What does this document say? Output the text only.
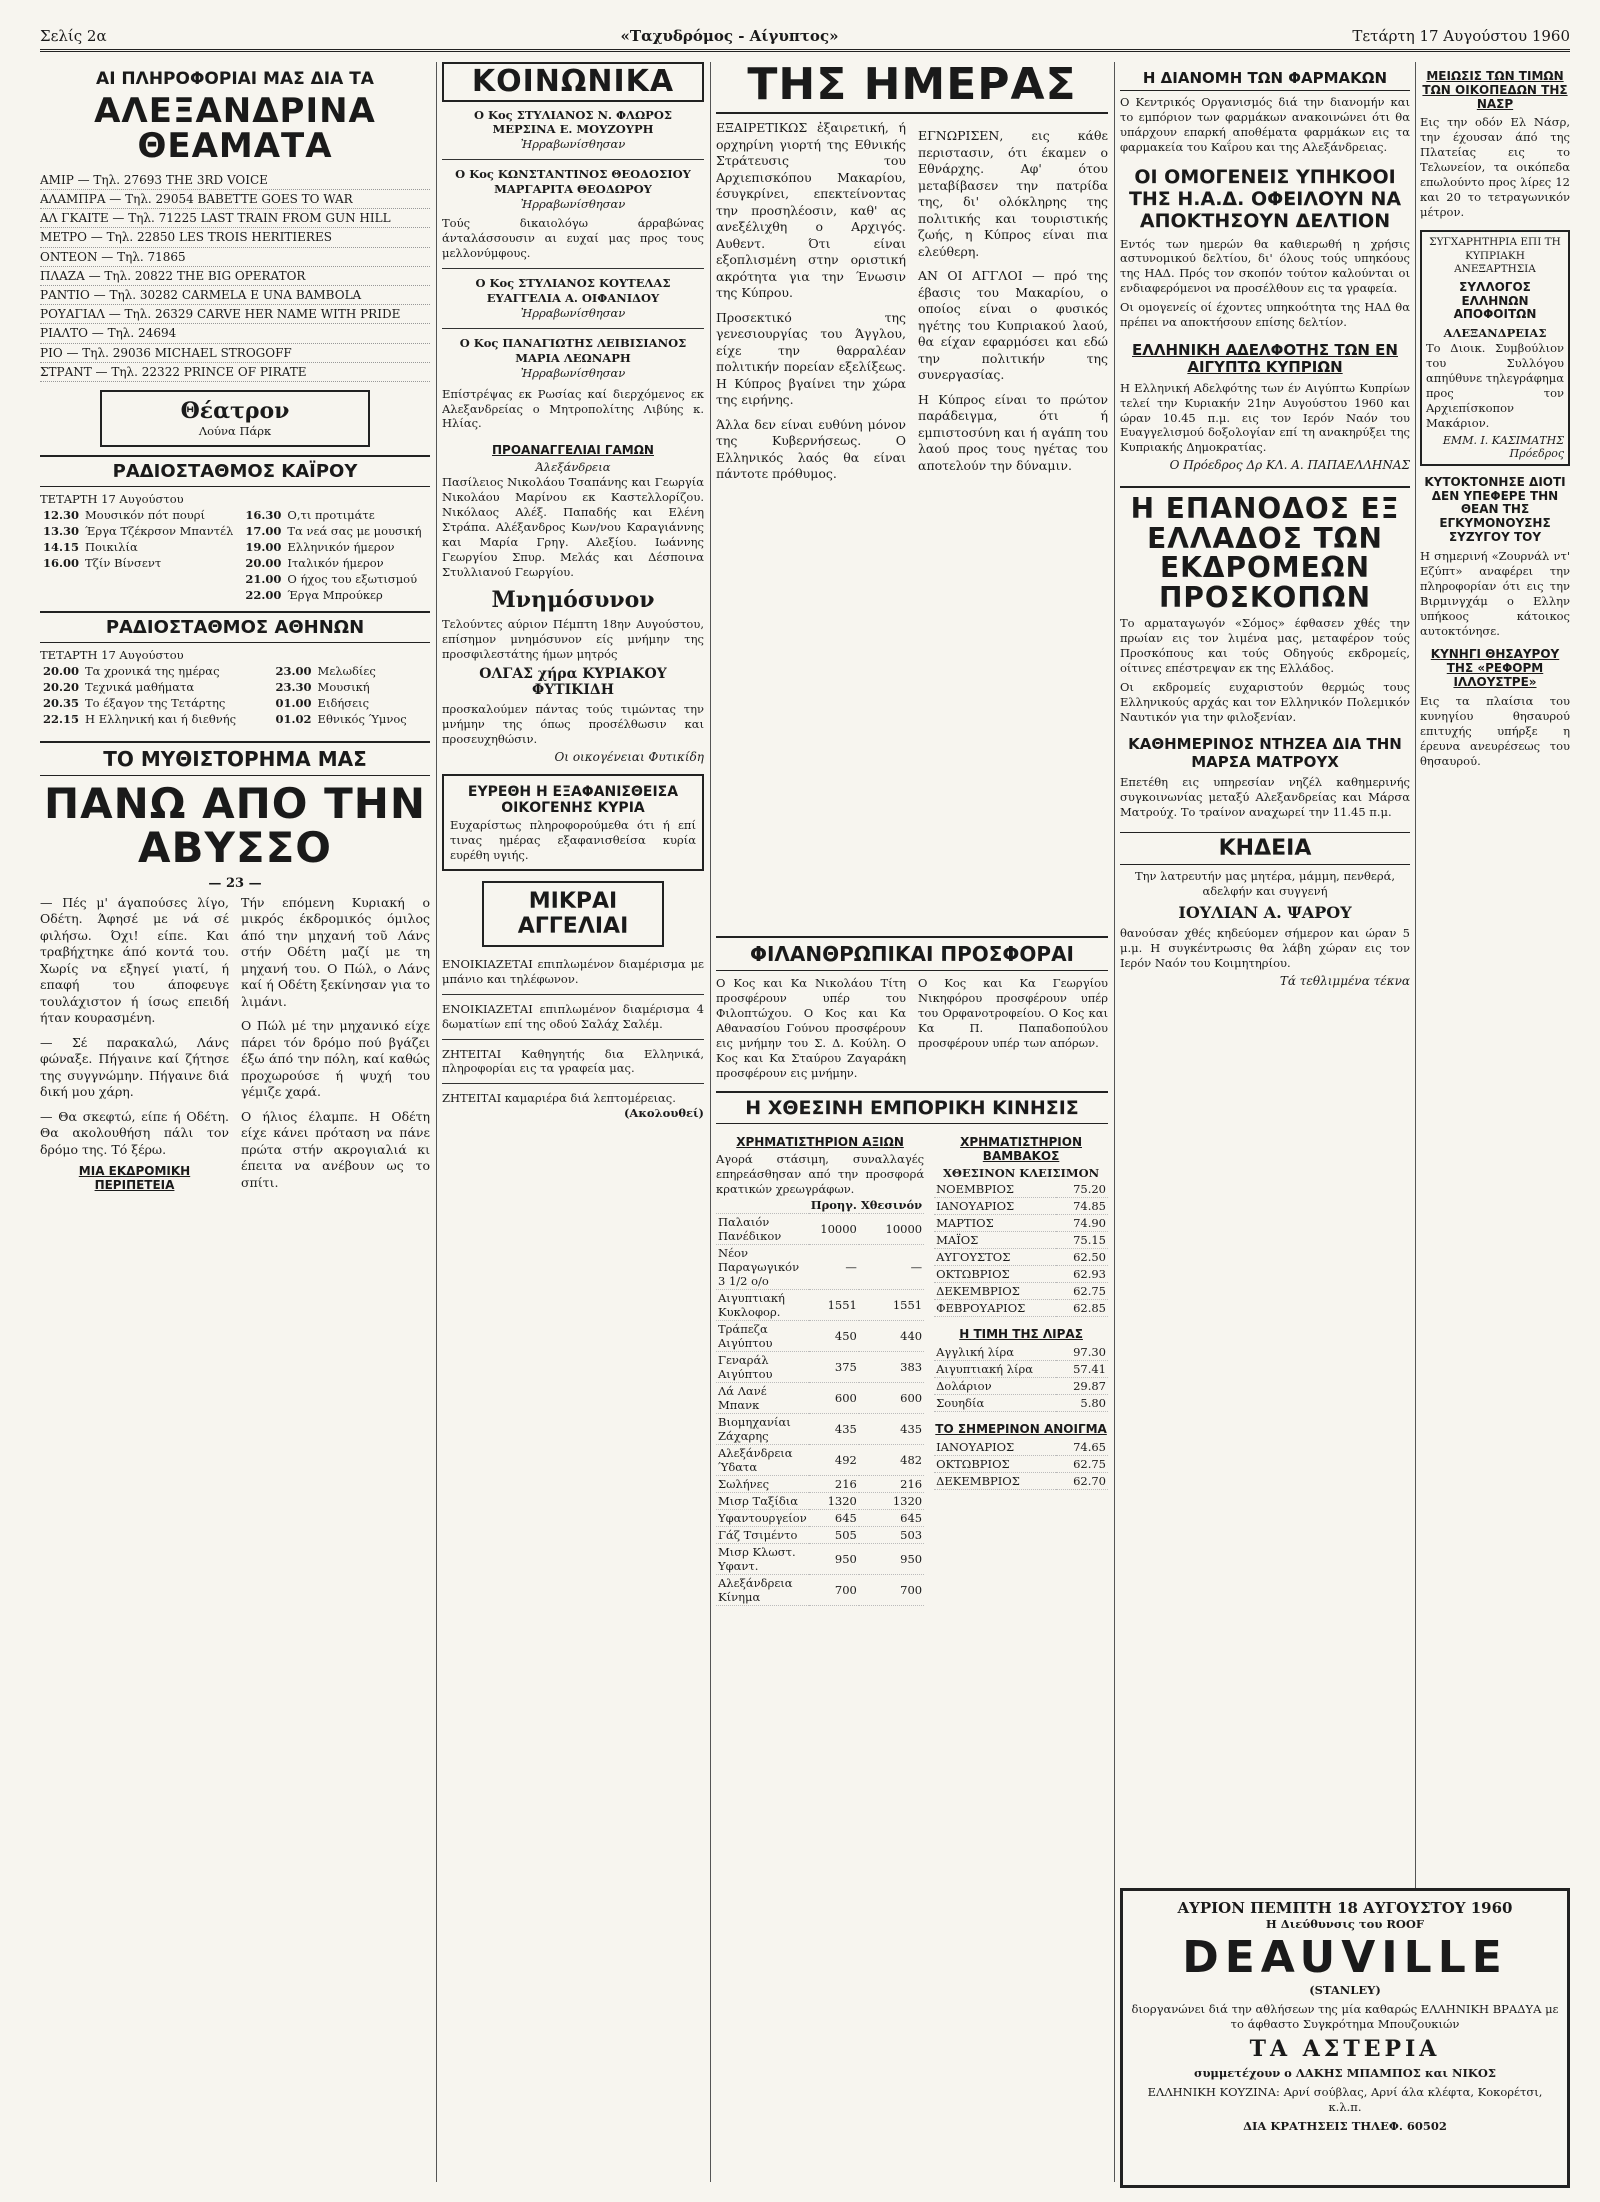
Σελίς 2α	«Ταχυδρόμος - Αίγυπτος»	Τετάρτη 17 Αυγούστου 1960
ΑΙ ΠΛΗΡΟΦΟΡΙΑΙ ΜΑΣ ΔΙΑ ΤΑ
ΑΛΕΞΑΝΔΡΙΝΑ ΘΕΑΜΑΤΑ
ΑΜΙΡ — Τηλ. 27693 THE 3RD VOICE
ΑΛΑΜΠΡΑ — Τηλ. 29054 BABETTE GOES TO WAR
ΑΛ ΓΚΑΙΤΕ — Τηλ. 71225 LAST TRAIN FROM GUN HILL
ΜΕΤΡΟ — Τηλ. 22850 LES TROIS HERITIERES
ΟΝΤΕΟΝ — Τηλ. 71865
ΠΛΑΖΑ — Τηλ. 20822 THE BIG OPERATOR
ΡΑΝΤΙΟ — Τηλ. 30282 CARMELA E UNA BAMBOLA
ΡΟΥΑΓΙΑΛ — Τηλ. 26329 CARVE HER NAME WITH PRIDE
ΡΙΑΛΤΟ — Τηλ. 24694
ΡΙΟ — Τηλ. 29036 MICHAEL STROGOFF
ΣΤΡΑΝΤ — Τηλ. 22322 PRINCE OF PIRATE
Θέατρον
Λούνα Πάρκ
ΡΑΔΙΟΣΤΑΘΜΟΣ ΚΑΪΡΟΥ
ΤΕΤΑΡΤΗ 17 Αυγούστου
12.30	Μουσικόν πότ πουρί	16.30	Ο,τι προτιμάτε
13.30	Έργα Τζέκρσον Μπαντέλ	17.00	Τα νεά σας με μουσική
14.15	Ποικιλία	19.00	Ελληνικόν ήμερον
16.00	Τζίν Βίνσεντ	20.00	Ιταλικόν ήμερον
		21.00	Ο ήχος του εξωτισμού
		22.00	Έργα Μπρούκερ
ΡΑΔΙΟΣΤΑΘΜΟΣ ΑΘΗΝΩΝ
ΤΕΤΑΡΤΗ 17 Αυγούστου
20.00	Τα χρονικά της ημέρας	23.00	Μελωδίες
20.20	Τεχνικά μαθήματα	23.30	Μουσική
20.35	Το έξαγον της Τετάρτης	01.00	Ειδήσεις
22.15	Η Ελληνική και ή διεθνής	01.02	Εθνικός Ύμνος
ΤΟ ΜΥΘΙΣΤΟΡΗΜΑ ΜΑΣ
ΠΑΝΩ ΑΠΟ ΤΗΝ ΑΒΥΣΣΟ
— 23 —

— Πές μ' άγαπούσες λίγο, Οδέτη. Άφησέ με νά σέ φιλήσω. Όχι! είπε. Και τραβήχτηκε άπό κοντά του. Χωρίς να εξηγεί γιατί, ή επαφή του άποφευγε τουλάχιστον ή ίσως επειδή ήταν κουρασμένη.

— Σέ παρακαλώ, Λάνς φώναξε. Πήγαινε καί ζήτησε της συγγνώμην. Πήγαινε διά δική μου χάρη.

— Θα σκεφτώ, είπε ή Οδέτη. Θα ακολουθήση πάλι τον δρόμο της. Τό ξέρω.

ΜΙΑ ΕΚΔΡΟΜΙΚΗ ΠΕΡΙΠΕΤΕΙΑ

Τήν επόμενη Κυριακή ο μικρός έκδρομικός όμιλος άπό την μηχανή τοῦ Λάνς στήν Οδέτη μαζί με τη μηχανή του. Ο Πώλ, ο Λάνς καί ή Οδέτη ξεκίνησαν για το λιμάνι.

Ο Πώλ μέ την μηχανικό είχε πάρει τόν δρόμο πού βγάζει έξω άπό την πόλη, καί καθώς προχωρούσε ή ψυχή του γέμιζε χαρά.

Ο ήλιος έλαμπε. Η Οδέτη είχε κάνει πρόταση να πάνε πρώτα στήν ακρογιαλιά κι έπειτα να ανέβουν ως το σπίτι.

ΚΟΙΝΩΝΙΚΑ
Ο Κος ΣΤΥΛΙΑΝΟΣ Ν. ΦΛΩΡΟΣ
ΜΕΡΣΙΝΑ Ε. ΜΟΥΖΟΥΡΗ
Ἠρραβωνίσθησαν
Ο Κος ΚΩΝΣΤΑΝΤΙΝΟΣ ΘΕΟΔΟΣΙΟΥ
ΜΑΡΓΑΡΙΤΑ ΘΕΟΔΩΡΟΥ
Ἠρραβωνίσθησαν

Τούς δικαιολόγω άρραβώνας άνταλάσσουσιν αι ευχαί μας προς τους μελλονύμφους.

Ο Κος ΣΤΥΛΙΑΝΟΣ ΚΟΥΤΕΛΑΣ
ΕΥΑΓΓΕΛΙΑ Α. ΟΙΦΑΝΙΔΟΥ
Ἠρραβωνίσθησαν
Ο Κος ΠΑΝΑΓΙΩΤΗΣ ΛΕΙΒΙΣΙΑΝΟΣ
ΜΑΡΙΑ ΛΕΩΝΑΡΗ
Ἠρραβωνίσθησαν

Επίστρέψας εκ Ρωσίας καί διερχόμενος εκ Αλεξανδρείας ο Μητροπολίτης Λιβύης κ. Ηλίας.

ΠΡΟΑΝΑΓΓΕΛΙΑΙ ΓΑΜΩΝ
Άλεξάνδρεια

Πασίλειος Νικολάου Τσαπάνης και Γεωργία Νικολάου Μαρίνου εκ Καστελλορίζου. Νικόλαος Αλέξ. Παπαδής και Ελένη Στράπα. Αλέξανδρος Κων/νου Καραγιάννης και Μαρία Γρηγ. Αλεξίου. Ιωάννης Γεωργίου Σπυρ. Μελάς και Δέσποινα Στυλλιανού Γεωργίου.

Μνημόσυνον

Τελούντες αύριον Πέμπτη 18ην Αυγούστου, επίσημον μνημόσυνον είς μνήμην της προσφιλεστάτης ήμων μητρός

ΟΛΓΑΣ χήρα ΚΥΡΙΑΚΟΥ ΦΥΤΙΚΙΔΗ

προσκαλούμεν πάντας τούς τιμώντας την μνήμην της όπως προσέλθωσιν και προσευχηθώσιν.

Οι οικογένειαι Φυτικίδη
ΕΥΡΕΘΗ Η ΕΞΑΦΑΝΙΣΘΕΙΣΑ ΟΙΚΟΓΕΝΗΣ ΚΥΡΙΑ

Ευχαρίστως πληροφορούμεθα ότι ή επί τινας ημέρας εξαφανισθείσα κυρία ευρέθη υγιής.

ΜΙΚΡΑΙ ΑΓΓΕΛΙΑΙ

ΕΝΟΙΚΙΑΖΕΤΑΙ επιπλωμένον διαμέρισμα με μπάνιο και τηλέφωνον.

ΕΝΟΙΚΙΑΖΕΤΑΙ επιπλωμένον διαμέρισμα 4 δωματίων επί της οδού Σαλάχ Σαλέμ.

ΖΗΤΕΙΤΑΙ Καθηγητής δια Ελληνικά, πληροφορίαι εις τα γραφεία μας.

ΖΗΤΕΙΤΑΙ καμαριέρα διά λεπτομέρειας.

(Ακολουθεί)
ΤΗΣ ΗΜΕΡΑΣ

ΕΞΑΙΡΕΤΙΚΩΣ ἐξαιρετική, ή ορχηρίνη γιορτή της Εθνικής Στράτευσις του Αρχιεπισκόπου Μακαρίου, έσυγκρίνει, επεκτείνοντας την προσηλέοσιν, καθ' ας ανεξέλιχθη ο Αρχιγός. Αυθεντ. Ότι είναι εξοπλισμένη στην οριστική ακρότητα για την Ένωσιν της Κύπρου.

Προσεκτικό της γενεσιουργίας του Άγγλου, είχε την θαρραλέαν πολιτικήν πορείαν εξελίξεως. Η Κύπρος βγαίνει την χώρα της ειρήνης.

Άλλα δεν είναι ευθύνη μόνον της Κυβερνήσεως. Ο Ελληνικός λαός θα είναι πάντοτε πρόθυμος.

ΕΓΝΩΡΙΣΕΝ, εις κάθε περιστασιν, ότι έκαμεν ο Εθνάρχης. Αφ' ότου μεταβίβασεν την πατρίδα της, δι' ολόκληρης της πολιτικής και τουριστικής ζωής, η Κύπρος είναι πια ελεύθερη.

ΑΝ ΟΙ ΑΓΓΛΟΙ — πρό της έβασις του Μακαρίου, ο οποίος είναι ο φυσικός ηγέτης του Κυπριακού λαού, θα είχαν εφαρμόσει και εδώ την πολιτικήν της συνεργασίας.

Η Κύπρος είναι το πρώτον παράδειγμα, ότι ή εμπιστοσύνη και ή αγάπη του λαού προς τους ηγέτας του αποτελούν την δύναμιν.

ΦΙΛΑΝΘΡΩΠΙΚΑΙ ΠΡΟΣΦΟΡΑΙ

Ο Κος και Κα Νικολάου Τίτη προσφέρουν υπέρ του Φιλοπτώχου. Ο Κος και Κα Αθανασίου Γούνου προσφέρουν εις μνήμην του Σ. Δ. Κούλη. Ο Κος και Κα Σταύρου Ζαγαράκη προσφέρουν εις μνήμην.

Ο Κος και Κα Γεωργίου Νικηφόρου προσφέρουν υπέρ του Ορφανοτροφείου. Ο Κος και Κα Π. Παπαδοπούλου προσφέρουν υπέρ των απόρων.

Η ΧΘΕΣΙΝΗ ΕΜΠΟΡΙΚΗ ΚΙΝΗΣΙΣ
ΧΡΗΜΑΤΙΣΤΗΡΙΟΝ ΑΞΙΩΝ

Αγορά στάσιμη, συναλλαγές επηρεάσθησαν από την προσφορά κρατικών χρεωγράφων.

	Προηγ.	Χθεσινόν
Παλαιόν Πανέδικον	10000	10000
Νέον Παραγωγικόν 3 1/2 ο/ο	—	—
Αιγυπτιακή Κυκλοφορ.	1551	1551
Τράπεζα Αιγύπτου	450	440
Γεναράλ Αιγύπτου	375	383
Λά Λανέ Μπανκ	600	600
Βιομηχανίαι Ζάχαρης	435	435
Αλεξάνδρεια Ύδατα	492	482
Σωλήνες	216	216
Μισρ Ταξίδια	1320	1320
Υφαντουργείον	645	645
Γάζ Τσιμέντο	505	503
Μισρ Κλωστ. Υφαντ.	950	950
Αλεξάνδρεια Κίνημα	700	700
ΧΡΗΜΑΤΙΣΤΗΡΙΟΝ ΒΑΜΒΑΚΟΣ
ΧΘΕΣΙΝΟΝ ΚΛΕΙΣΙΜΟΝ
ΝΟΕΜΒΡΙΟΣ	75.20
ΙΑΝΟΥΑΡΙΟΣ	74.85
ΜΑΡΤΙΟΣ	74.90
ΜΑΪΟΣ	75.15
ΑΥΓΟΥΣΤΟΣ	62.50
ΟΚΤΩΒΡΙΟΣ	62.93
ΔΕΚΕΜΒΡΙΟΣ	62.75
ΦΕΒΡΟΥΑΡΙΟΣ	62.85
Η ΤΙΜΗ ΤΗΣ ΛΙΡΑΣ
Αγγλική λίρα	97.30
Αιγυπτιακή λίρα	57.41
Δολάριον	29.87
Σουηδία	5.80
ΤΟ ΣΗΜΕΡΙΝΟΝ ΑΝΟΙΓΜΑ
ΙΑΝΟΥΑΡΙΟΣ	74.65
ΟΚΤΩΒΡΙΟΣ	62.75
ΔΕΚΕΜΒΡΙΟΣ	62.70
Η ΔΙΑΝΟΜΗ ΤΩΝ ΦΑΡΜΑΚΩΝ

Ο Κεντρικός Οργανισμός διά την διανομήν και το εμπόριον των φαρμάκων ανακοινώνει ότι θα υπάρχουν επαρκή αποθέματα φαρμάκων εις τα φαρμακεία του Καΐρου και της Αλεξάνδρειας.

ΟΙ ΟΜΟΓΕΝΕΙΣ ΥΠΗΚΟΟΙ ΤΗΣ Η.Α.Δ. ΟΦΕΙΛΟΥΝ ΝΑ ΑΠΟΚΤΗΣΟΥΝ ΔΕΛΤΙΟΝ

Εντός των ημερών θα καθιερωθή η χρήσις αστυνομικού δελτίου, δι' όλους τούς υπηκόους της ΗΑΔ. Πρός τον σκοπόν τούτον καλούνται οι ενδιαφερόμενοι να προσέλθουν εις τα γραφεία.

Οι ομογενείς οί έχοντες υπηκοότητα της ΗΑΔ θα πρέπει να αποκτήσουν επίσης δελτίον.

ΕΛΛΗΝΙΚΗ ΑΔΕΛΦΟΤΗΣ ΤΩΝ ΕΝ ΑΙΓΥΠΤΩ ΚΥΠΡΙΩΝ

Η Ελληνική Αδελφότης των έν Αιγύπτω Κυπρίων τελεί την Κυριακήν 21ην Αυγούστου 1960 και ώραν 10.45 π.μ. εις τον Ιερόν Ναόν του Ευαγγελισμού δοξολογίαν επί τη ανακηρύξει της Κυπριακής Δημοκρατίας.

Ο Πρόεδρος Δρ ΚΛ. Α. ΠΑΠΑΕΛΛΗΝΑΣ
Η ΕΠΑΝΟΔΟΣ ΕΞ ΕΛΛΑΔΟΣ ΤΩΝ ΕΚΔΡΟΜΕΩΝ ΠΡΟΣΚΟΠΩΝ

Το αρματαγωγόν «Σόμος» έφθασεν χθές την πρωίαν εις τον λιμένα μας, μεταφέρον τούς Προσκόπους και τούς Οδηγούς εκδρομείς, οίτινες επέστρεψαν εκ της Ελλάδος.

Οι εκδρομείς ευχαριστούν θερμώς τους Ελληνικούς αρχάς και τον Ελληνικόν Πολεμικόν Ναυτικόν για την φιλοξενίαν.

ΚΑΘΗΜΕΡΙΝΟΣ ΝΤΗΖΕΑ ΔΙΑ ΤΗΝ ΜΑΡΣΑ ΜΑΤΡΟΥΧ

Επετέθη εις υπηρεσίαν νηζέλ καθημερινής συγκοινωνίας μεταξύ Αλεξανδρείας και Μάρσα Ματρούχ. Το τραίνον αναχωρεί την 11.45 π.μ.

ΚΗΔΕΙΑ

Την λατρευτήν μας μητέρα, μάμμη, πενθερά, αδελφήν και συγγενή

ΙΟΥΛΙΑΝ Α. ΨΑΡΟΥ

θανούσαν χθές κηδεύομεν σήμερον και ώραν 5 μ.μ. Η συγκέντρωσις θα λάβη χώραν εις τον Ιερόν Ναόν του Κοιμητηρίου.

Τά τεθλιμμένα τέκνα
ΜΕΙΩΣΙΣ ΤΩΝ ΤΙΜΩΝ ΤΩΝ ΟΙΚΟΠΕΔΩΝ ΤΗΣ ΝΑΣΡ

Εις την οδόν Ελ Νάσρ, την έχουσαν άπό της Πλατείας εις το Τελωνείον, τα οικόπεδα επωλούντο προς λίρες 12 και 20 το τετραγωνικόν μέτρον.

ΣΥΓΧΑΡΗΤΗΡΙΑ ΕΠΙ ΤΗ ΚΥΠΡΙΑΚΗ ΑΝΕΞΑΡΤΗΣΙΑ
ΣΥΛΛΟΓΟΣ ΕΛΛΗΝΩΝ ΑΠΟΦΟΙΤΩΝ
ΑΛΕΞΑΝΔΡΕΙΑΣ

Το Διοικ. Συμβούλιον του Συλλόγου απηύθυνε τηλεγράφημα προς τον Αρχιεπίσκοπον Μακάριον.

ΕΜΜ. Ι. ΚΑΣΙΜΑΤΗΣ Πρόεδρος
ΚΥΤΟΚΤΟΝΗΣΕ ΔΙΟΤΙ ΔΕΝ ΥΠΕΦΕΡΕ ΤΗΝ ΘΕΑΝ ΤΗΣ ΕΓΚΥΜΟΝΟΥΣΗΣ ΣΥΖΥΓΟΥ ΤΟΥ

Η σημερινή «Ζουρνάλ ντ' Εζύπτ» αναφέρει την πληροφορίαν ότι εις την Βιρμινγχάμ ο Ελλην υπήκοος κάτοικος αυτοκτόνησε.

ΚΥΝΗΓΙ ΘΗΣΑΥΡΟΥ ΤΗΣ «ΡΕΦΟΡΜ ΙΛΛΟΥΣΤΡΕ»

Εις τα πλαίσια του κυνηγίου θησαυρού επιτυχής υπήρξε η έρευνα ανευρέσεως του θησαυρού.

ΑΥΡΙΟΝ ΠΕΜΠΤΗ 18 ΑΥΓΟΥΣΤΟΥ 1960
Η Διεύθυνσις του ROOF
DEAUVILLE
(STANLEY)
διοργανώνει διά την αθλήσεων της μία καθαρώς ΕΛΛΗΝΙΚΗ ΒΡΑΔΥΑ με το άφθαστο Συγκρότημα Μπουζουκιών
ΤΑ ΑΣΤΕΡΙΑ
συμμετέχουν ο ΛΑΚΗΣ ΜΠΑΜΠΟΣ και ΝΙΚΟΣ
ΕΛΛΗΝΙΚΗ ΚΟΥΖΙΝΑ: Αρνί σούβλας, Αρνί άλα κλέφτα, Κοκορέτσι, κ.λ.π.
ΔΙΑ ΚΡΑΤΗΣΕΙΣ ΤΗΛΕΦ. 60502
